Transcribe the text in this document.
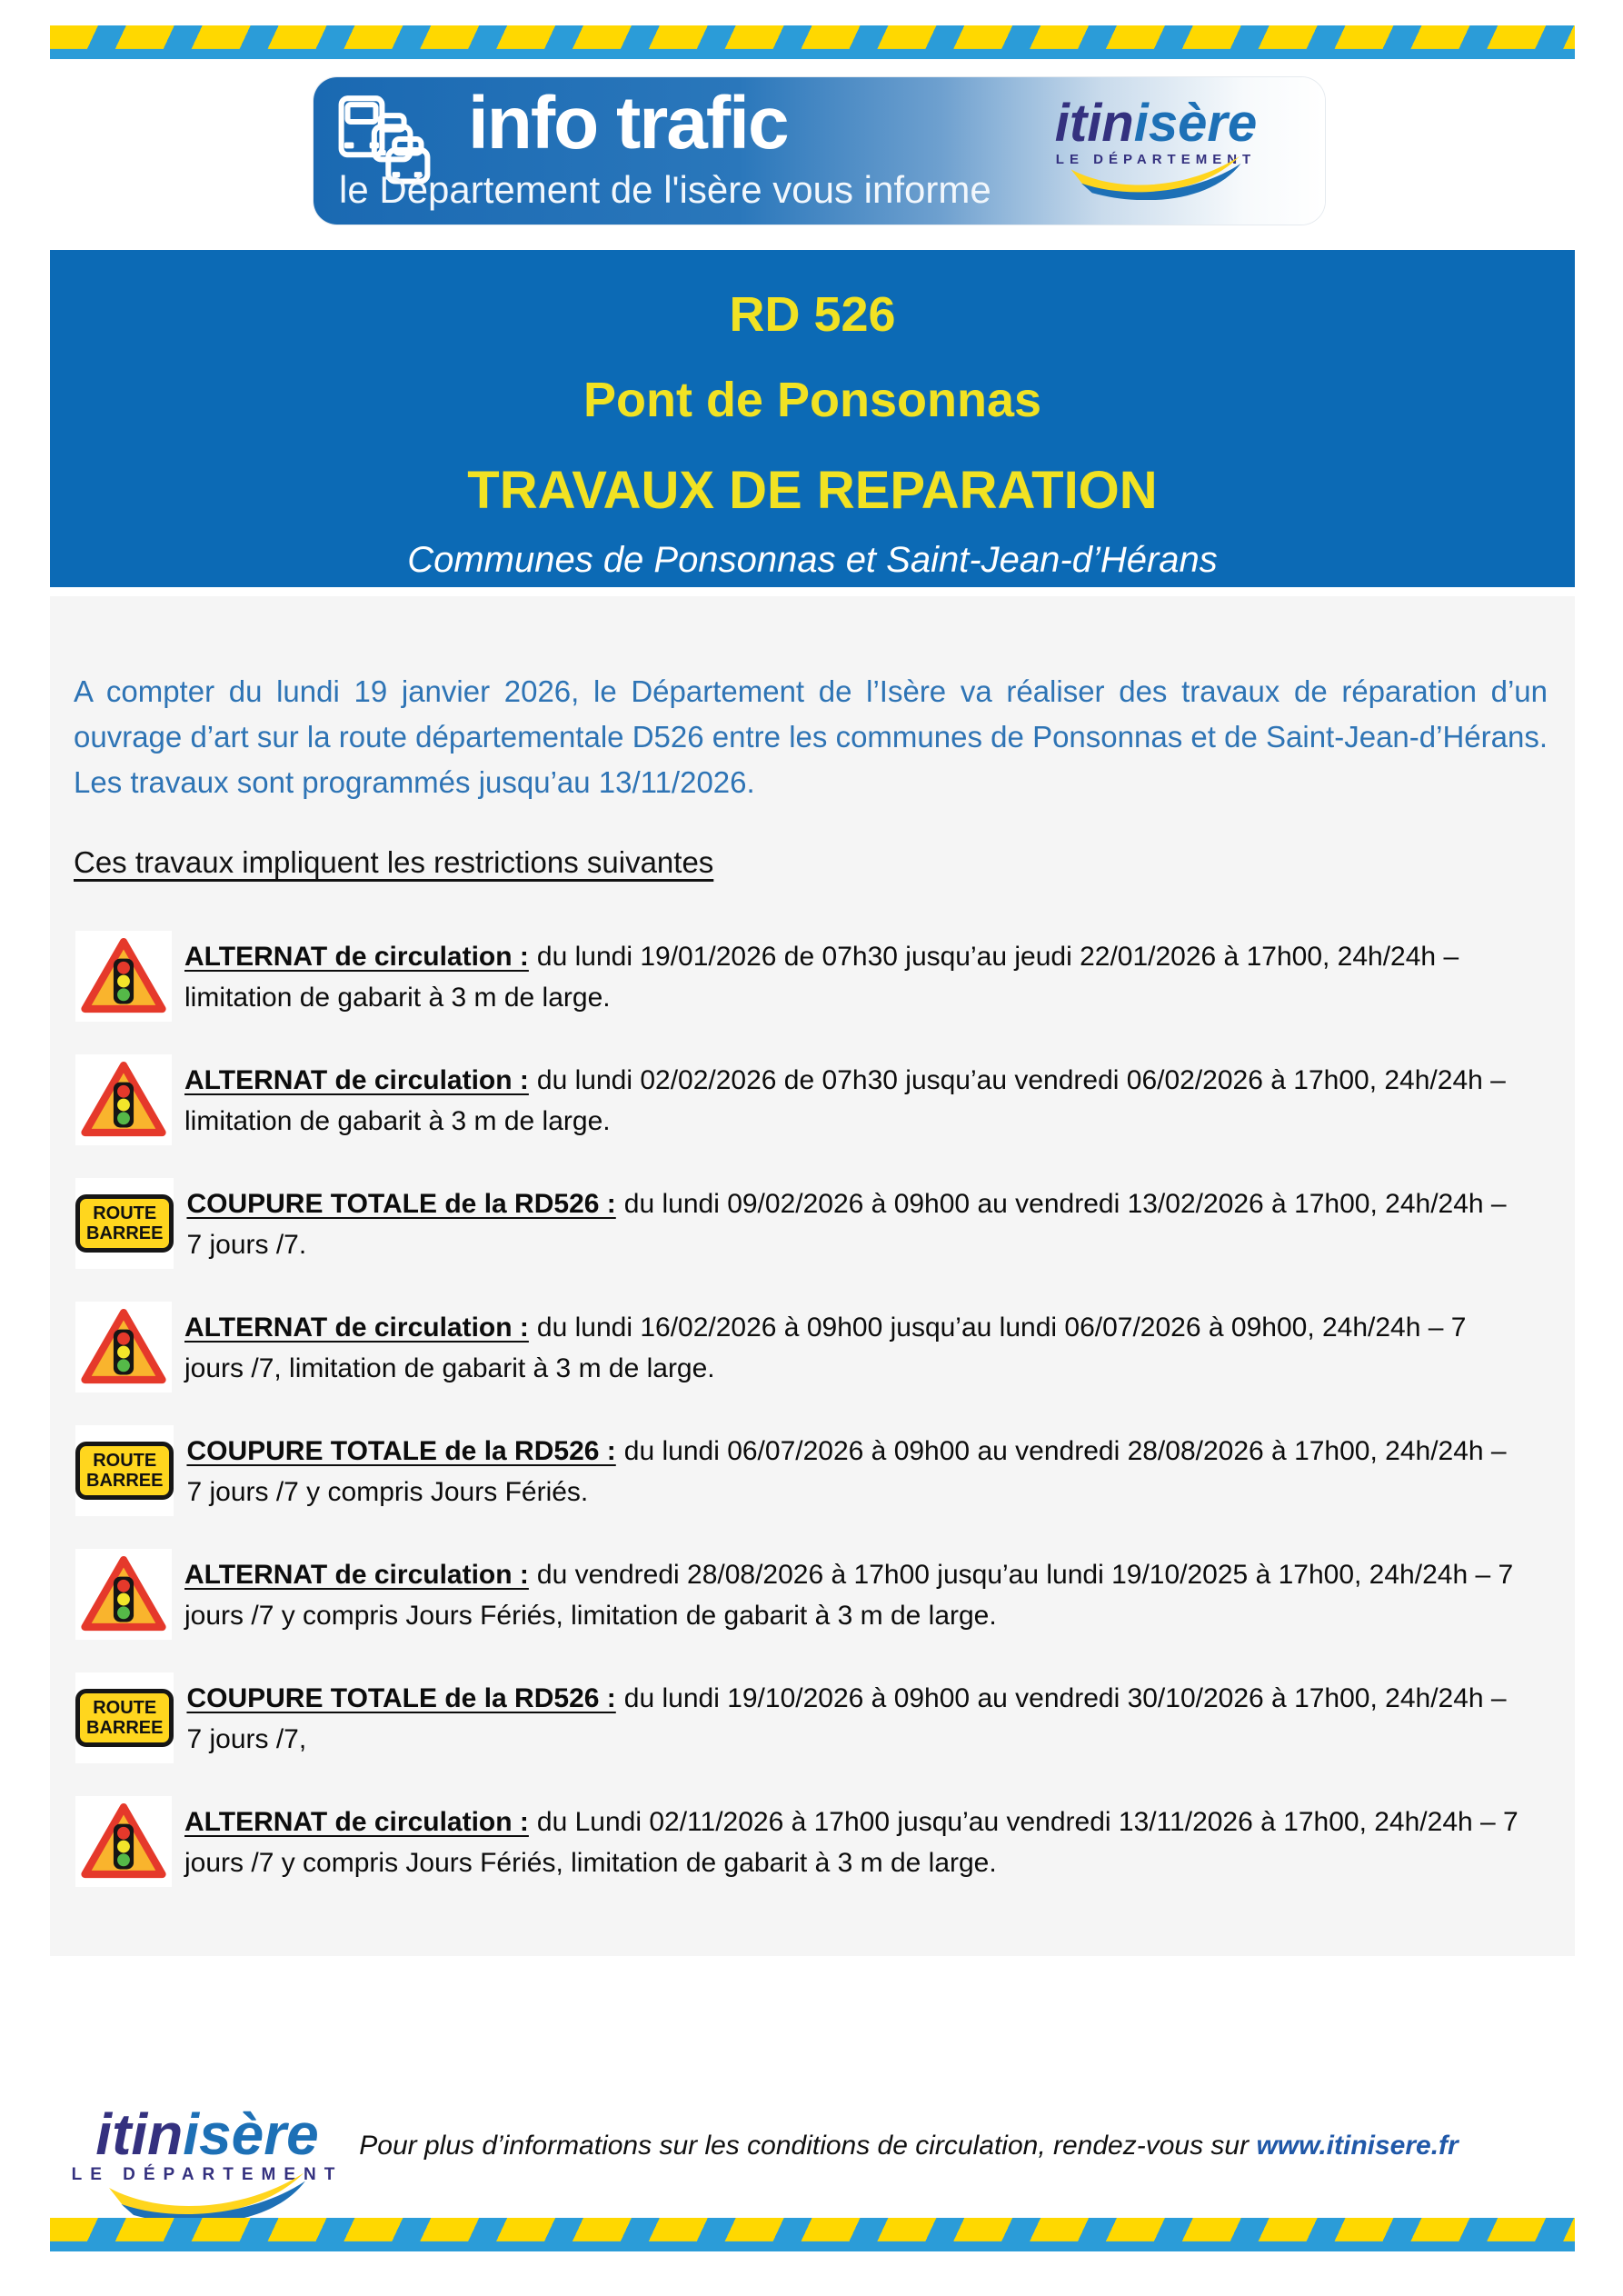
info trafic
le Département de l'isère vous informe
itinisère
LE DÉPARTEMENT
RD 526
Pont de Ponsonnas
TRAVAUX DE REPARATION
Communes de Ponsonnas et Saint-Jean-d’Hérans

A compter du lundi 19 janvier 2026, le Département de l’Isère va réaliser des travaux de réparation d’un ouvrage d’art sur la route départementale D526 entre les communes de Ponsonnas et de Saint-Jean-d’Hérans. Les travaux sont programmés jusqu’au 13/11/2026.

Ces travaux impliquent les restrictions suivantes

ALTERNAT de circulation : du lundi 19/01/2026 de 07h30 jusqu’au jeudi 22/01/2026 à 17h00, 24h/24h – limitation de gabarit à 3 m de large.

ALTERNAT de circulation : du lundi 02/02/2026 de 07h30 jusqu’au vendredi 06/02/2026 à 17h00, 24h/24h – limitation de gabarit à 3 m de large.

ROUTE
BARREE

COUPURE TOTALE de la RD526 : du lundi 09/02/2026 à 09h00 au vendredi 13/02/2026 à 17h00, 24h/24h – 7 jours /7.

ALTERNAT de circulation : du lundi 16/02/2026 à 09h00 jusqu’au lundi 06/07/2026 à 09h00, 24h/24h – 7 jours /7, limitation de gabarit à 3 m de large.

ROUTE
BARREE

COUPURE TOTALE de la RD526 : du lundi 06/07/2026 à 09h00 au vendredi 28/08/2026 à 17h00, 24h/24h – 7 jours /7 y compris Jours Fériés.

ALTERNAT de circulation : du vendredi 28/08/2026 à 17h00 jusqu’au lundi 19/10/2025 à 17h00, 24h/24h – 7 jours /7 y compris Jours Fériés, limitation de gabarit à 3 m de large.

ROUTE
BARREE

COUPURE TOTALE de la RD526 : du lundi 19/10/2026 à 09h00 au vendredi 30/10/2026 à 17h00, 24h/24h – 7 jours /7,

ALTERNAT de circulation : du Lundi 02/11/2026 à 17h00 jusqu’au vendredi 13/11/2026 à 17h00, 24h/24h – 7 jours /7 y compris Jours Fériés, limitation de gabarit à 3 m de large.

itinisère
LE DÉPARTEMENT

Pour plus d’informations sur les conditions de circulation, rendez-vous sur www.itinisere.fr
